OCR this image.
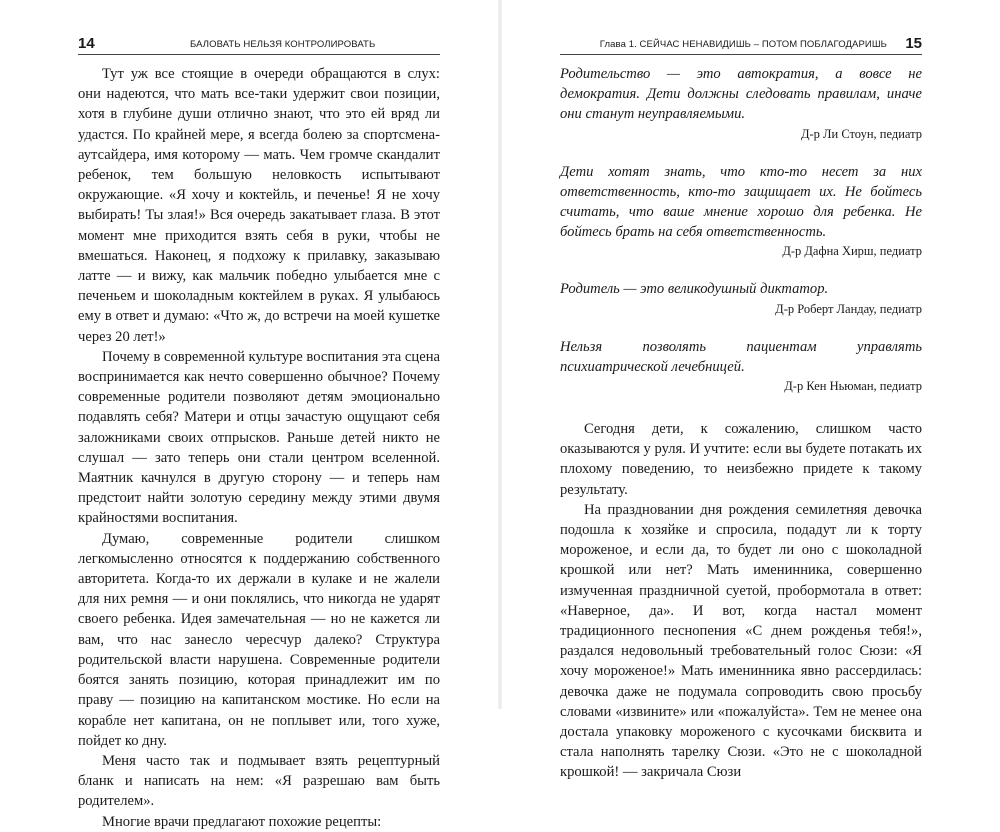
14	БАЛОВАТЬ НЕЛЬЗЯ КОНТРОЛИРОВАТЬ

Тут уж все стоящие в очереди обращаются в слух: они надеются, что мать все-таки удержит свои позиции, хотя в глубине души отлично знают, что это ей вряд ли удастся. По крайней мере, я всегда болею за спортсмена-аутсайдера, имя которому — мать. Чем громче скандалит ребенок, тем большую неловкость испытывают окружающие. «Я хочу и коктейль, и печенье! Я не хочу выбирать! Ты злая!» Вся очередь закатывает глаза. В этот момент мне приходится взять себя в руки, чтобы не вмешаться. Наконец, я подхожу к прилавку, заказываю латте — и вижу, как мальчик победно улыбается мне с печеньем и шоколадным коктейлем в руках. Я улыбаюсь ему в ответ и думаю: «Что ж, до встречи на моей кушетке через 20 лет!»

Почему в современной культуре воспитания эта сцена воспринимается как нечто совершенно обычное? Почему современные родители позволяют детям эмоционально подавлять себя? Матери и отцы зачастую ощущают себя заложниками своих отпрысков. Раньше детей никто не слушал — зато теперь они стали центром вселенной. Маятник качнулся в другую сторону — и теперь нам предстоит найти золотую середину между этими двумя крайностями воспитания.

Думаю, современные родители слишком легкомысленно относятся к поддержанию собственного авторитета. Когда-то их держали в кулаке и не жалели для них ремня — и они поклялись, что никогда не ударят своего ребенка. Идея замечательная — но не кажется ли вам, что нас занесло чересчур далеко? Структура родительской власти нарушена. Современные родители боятся занять позицию, которая принадлежит им по праву — позицию на капитанском мостике. Но если на корабле нет капитана, он не поплывет или, того хуже, пойдет ко дну.

Меня часто так и подмывает взять рецептурный бланк и написать на нем: «Я разрешаю вам быть родителем».

Многие врачи предлагают похожие рецепты:

Глава 1. СЕЙЧАС НЕНАВИДИШЬ – ПОТОМ ПОБЛАГОДАРИШЬ 15

Родительство — это автократия, а вовсе не демократия. Дети должны следовать правилам, иначе они станут неуправляемыми.

Д-р Ли Стоун, педиатр

Дети хотят знать, что кто-то несет за них ответственность, кто-то защищает их. Не бойтесь считать, что ваше мнение хорошо для ребенка. Не бойтесь брать на себя ответственность.

Д-р Дафна Хирш, педиатр

Родитель — это великодушный диктатор.

Д-р Роберт Ландау, педиатр

Нельзя позволять пациентам управлять психиатрической лечебницей.

Д-р Кен Ньюман, педиатр

Сегодня дети, к сожалению, слишком часто оказываются у руля. И учтите: если вы будете потакать их плохому поведению, то неизбежно придете к такому результату.

На праздновании дня рождения семилетняя девочка подошла к хозяйке и спросила, подадут ли к торту мороженое, и если да, то будет ли оно с шоколадной крошкой или нет? Мать именинника, совершенно измученная праздничной суетой, пробормотала в ответ: «Наверное, да». И вот, когда настал момент традиционного песнопения «С днем рожденья тебя!», раздался недовольный требовательный голос Сюзи: «Я хочу мороженое!» Мать именинника явно рассердилась: девочка даже не подумала сопроводить свою просьбу словами «извините» или «пожалуйста». Тем не менее она достала упаковку мороженого с кусочками бисквита и стала наполнять тарелку Сюзи. «Это не с шоколадной крошкой! — закричала Сюзи
